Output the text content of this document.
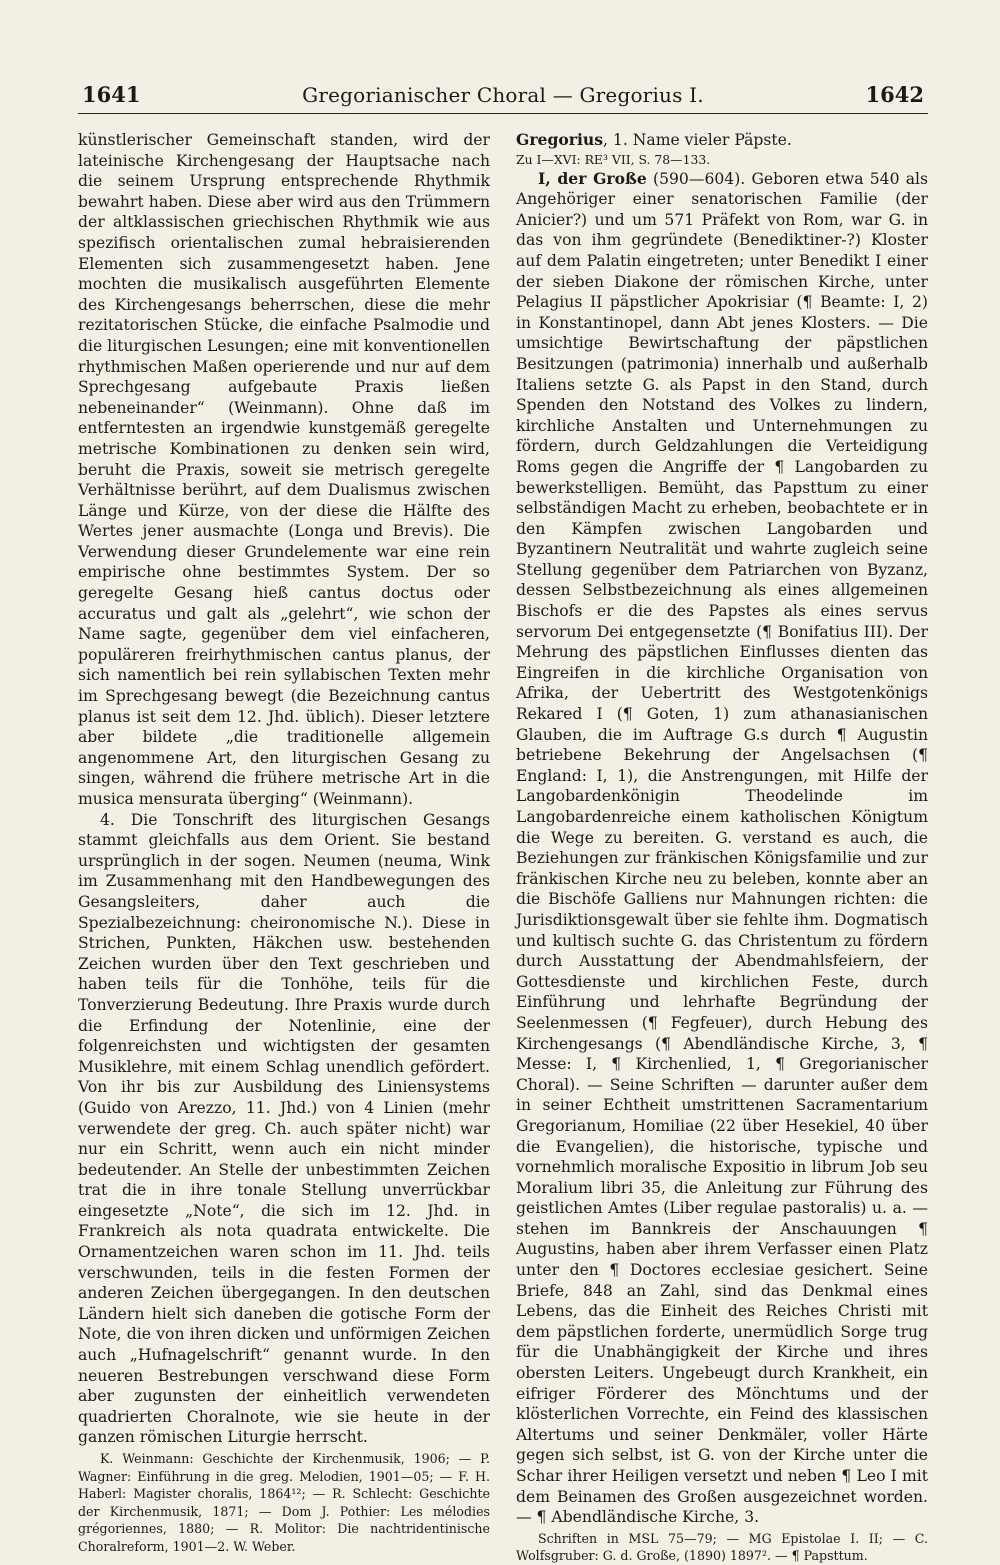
1641	Gregorianischer Choral — Gregorius I.	1642

künstlerischer Gemeinschaft standen, wird der lateinische Kirchengesang der Hauptsache nach die seinem Ursprung entsprechende Rhythmik bewahrt haben. Diese aber wird aus den Trümmern der altklassischen griechischen Rhythmik wie aus spezifisch orientalischen zumal hebraisierenden Elementen sich zusammengesetzt haben. Jene mochten die musikalisch ausgeführten Elemente des Kirchengesangs beherrschen, diese die mehr rezitatorischen Stücke, die einfache Psalmodie und die liturgischen Lesungen; eine mit konventionellen rhythmischen Maßen operierende und nur auf dem Sprechgesang aufgebaute Praxis ließen nebeneinander“ (Weinmann). Ohne daß im entferntesten an irgendwie kunstgemäß geregelte metrische Kombinationen zu denken sein wird, beruht die Praxis, soweit sie metrisch geregelte Verhältnisse berührt, auf dem Dualismus zwischen Länge und Kürze, von der diese die Hälfte des Wertes jener ausmachte (Longa und Brevis). Die Verwendung dieser Grundelemente war eine rein empirische ohne bestimmtes System. Der so geregelte Gesang hieß cantus doctus oder accuratus und galt als „gelehrt“, wie schon der Name sagte, gegenüber dem viel einfacheren, populäreren freirhythmischen cantus planus, der sich namentlich bei rein syllabischen Texten mehr im Sprechgesang bewegt (die Bezeichnung cantus planus ist seit dem 12. Jhd. üblich). Dieser letztere aber bildete „die traditionelle allgemein angenommene Art, den liturgischen Gesang zu singen, während die frühere metrische Art in die musica mensurata überging“ (Weinmann).

4. Die Tonschrift des liturgischen Gesangs stammt gleichfalls aus dem Orient. Sie bestand ursprünglich in der sogen. Neumen (neuma, Wink im Zusammenhang mit den Handbewegungen des Gesangsleiters, daher auch die Spezialbezeichnung: cheironomische N.). Diese in Strichen, Punkten, Häkchen usw. bestehenden Zeichen wurden über den Text geschrieben und haben teils für die Tonhöhe, teils für die Tonverzierung Bedeutung. Ihre Praxis wurde durch die Erfindung der Notenlinie, eine der folgenreichsten und wichtigsten der gesamten Musiklehre, mit einem Schlag unendlich gefördert. Von ihr bis zur Ausbildung des Liniensystems (Guido von Arezzo, 11. Jhd.) von 4 Linien (mehr verwendete der greg. Ch. auch später nicht) war nur ein Schritt, wenn auch ein nicht minder bedeutender. An Stelle der unbestimmten Zeichen trat die in ihre tonale Stellung unverrückbar eingesetzte „Note“, die sich im 12. Jhd. in Frankreich als nota quadrata entwickelte. Die Ornamentzeichen waren schon im 11. Jhd. teils verschwunden, teils in die festen Formen der anderen Zeichen übergegangen. In den deutschen Ländern hielt sich daneben die gotische Form der Note, die von ihren dicken und unförmigen Zeichen auch „Hufnagelschrift“ genannt wurde. In den neueren Bestrebungen verschwand diese Form aber zugunsten der einheitlich verwendeten quadrierten Choralnote, wie sie heute in der ganzen römischen Liturgie herrscht.

K. Weinmann: Geschichte der Kirchenmusik, 1906; — P. Wagner: Einführung in die greg. Melodien, 1901—05; — F. H. Haberl: Magister choralis, 1864¹²; — R. Schlecht: Geschichte der Kirchenmusik, 1871; — Dom J. Pothier: Les mélodies grégoriennes, 1880; — R. Molitor: Die nachtridentinische Choralreform, 1901—2. W. Weber.

Gregorius, 1. Name vieler Päpste.

Zu I—XVI: RE³ VII, S. 78—133.

I, der Große (590—604). Geboren etwa 540 als Angehöriger einer senatorischen Familie (der Anicier?) und um 571 Präfekt von Rom, war G. in das von ihm gegründete (Benediktiner-?) Kloster auf dem Palatin eingetreten; unter Benedikt I einer der sieben Diakone der römischen Kirche, unter Pelagius II päpstlicher Apokrisiar (¶ Beamte: I, 2) in Konstantinopel, dann Abt jenes Klosters. — Die umsichtige Bewirtschaftung der päpstlichen Besitzungen (patrimonia) innerhalb und außerhalb Italiens setzte G. als Papst in den Stand, durch Spenden den Notstand des Volkes zu lindern, kirchliche Anstalten und Unternehmungen zu fördern, durch Geldzahlungen die Verteidigung Roms gegen die Angriffe der ¶ Langobarden zu bewerkstelligen. Bemüht, das Papsttum zu einer selbständigen Macht zu erheben, beobachtete er in den Kämpfen zwischen Langobarden und Byzantinern Neutralität und wahrte zugleich seine Stellung gegenüber dem Patriarchen von Byzanz, dessen Selbstbezeichnung als eines allgemeinen Bischofs er die des Papstes als eines servus servorum Dei entgegensetzte (¶ Bonifatius III). Der Mehrung des päpstlichen Einflusses dienten das Eingreifen in die kirchliche Organisation von Afrika, der Uebertritt des Westgotenkönigs Rekared I (¶ Goten, 1) zum athanasianischen Glauben, die im Auftrage G.s durch ¶ Augustin betriebene Bekehrung der Angelsachsen (¶ England: I, 1), die Anstrengungen, mit Hilfe der Langobardenkönigin Theodelinde im Langobardenreiche einem katholischen Königtum die Wege zu bereiten. G. verstand es auch, die Beziehungen zur fränkischen Königsfamilie und zur fränkischen Kirche neu zu beleben, konnte aber an die Bischöfe Galliens nur Mahnungen richten: die Jurisdiktionsgewalt über sie fehlte ihm. Dogmatisch und kultisch suchte G. das Christentum zu fördern durch Ausstattung der Abendmahlsfeiern, der Gottesdienste und kirchlichen Feste, durch Einführung und lehrhafte Begründung der Seelenmessen (¶ Fegfeuer), durch Hebung des Kirchengesangs (¶ Abendländische Kirche, 3, ¶ Messe: I, ¶ Kirchenlied, 1, ¶ Gregorianischer Choral). — Seine Schriften — darunter außer dem in seiner Echtheit umstrittenen Sacramentarium Gregorianum, Homiliae (22 über Hesekiel, 40 über die Evangelien), die historische, typische und vornehmlich moralische Expositio in librum Job seu Moralium libri 35, die Anleitung zur Führung des geistlichen Amtes (Liber regulae pastoralis) u. a. — stehen im Bannkreis der Anschauungen ¶ Augustins, haben aber ihrem Verfasser einen Platz unter den ¶ Doctores ecclesiae gesichert. Seine Briefe, 848 an Zahl, sind das Denkmal eines Lebens, das die Einheit des Reiches Christi mit dem päpstlichen forderte, unermüdlich Sorge trug für die Unabhängigkeit der Kirche und ihres obersten Leiters. Ungebeugt durch Krankheit, ein eifriger Förderer des Mönchtums und der klösterlichen Vorrechte, ein Feind des klassischen Altertums und seiner Denkmäler, voller Härte gegen sich selbst, ist G. von der Kirche unter die Schar ihrer Heiligen versetzt und neben ¶ Leo I mit dem Beinamen des Großen ausgezeichnet worden. — ¶ Abendländische Kirche, 3.

Schriften in MSL 75—79; — MG Epistolae I. II; — C. Wolfsgruber: G. d. Große, (1890) 1897². — ¶ Papsttum.
